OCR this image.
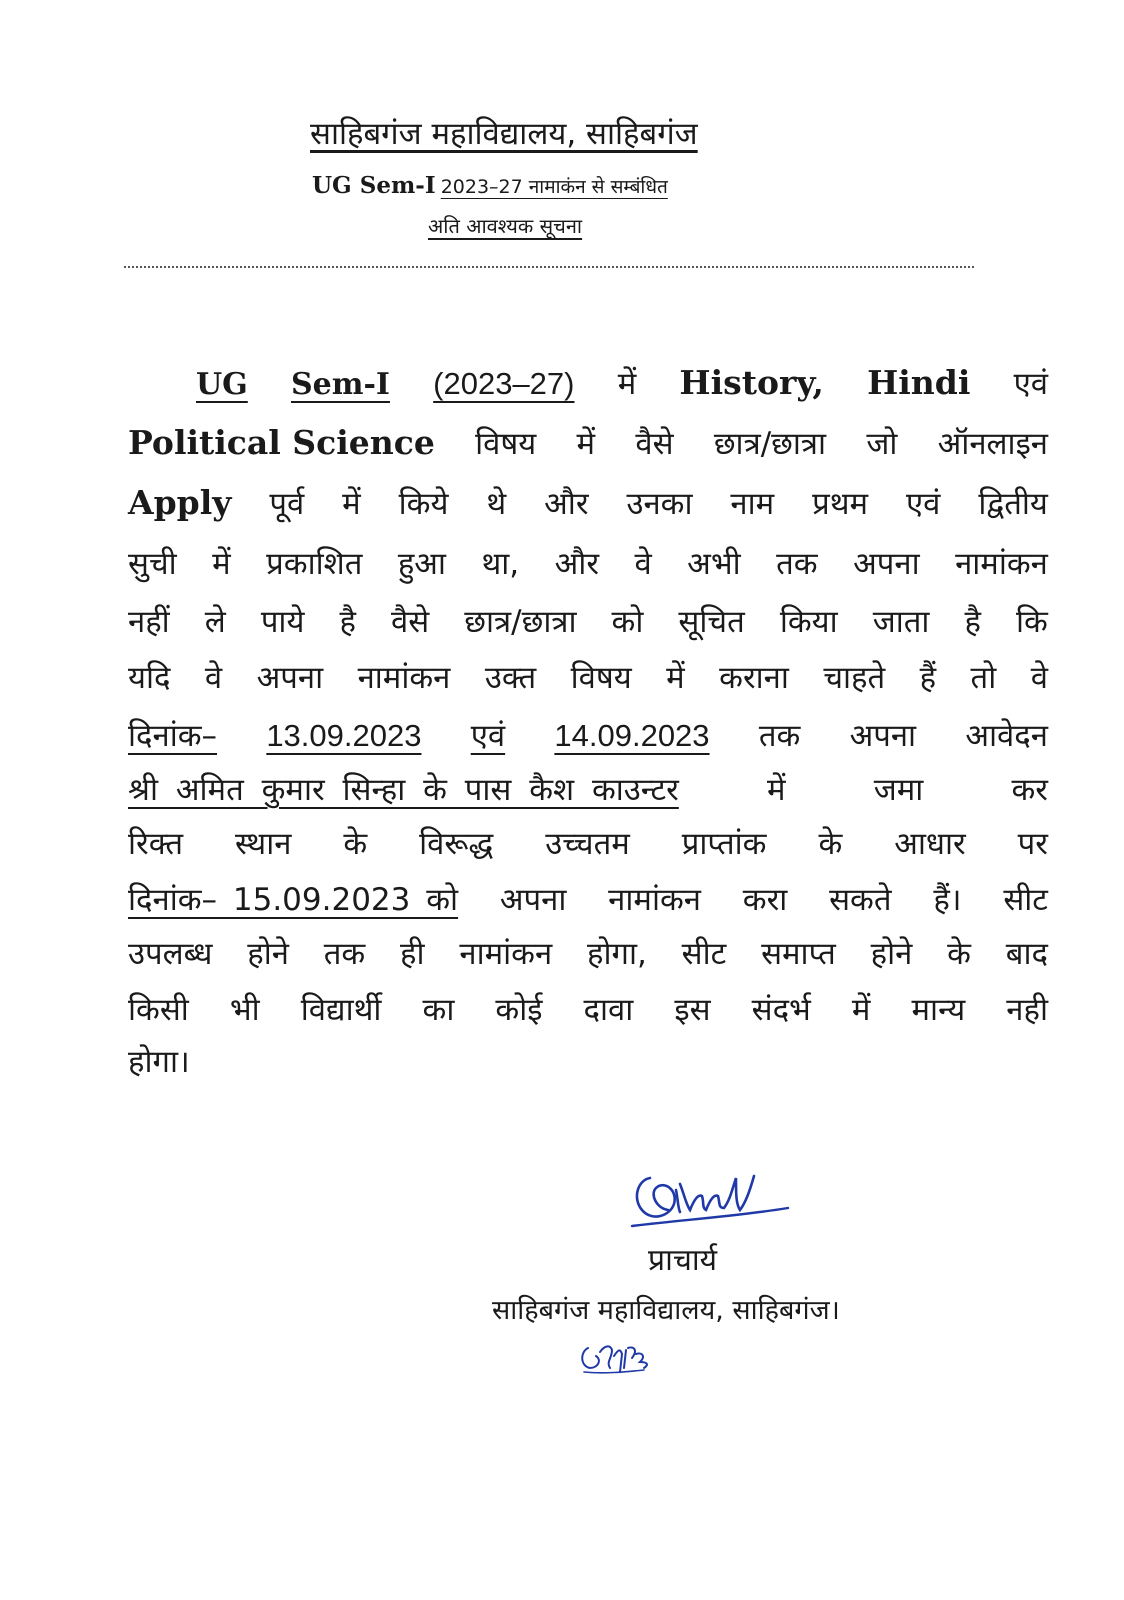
साहिबगंज महाविद्यालय, साहिबगंज
UG Sem-I 2023–27 नामाकंन से सम्बंधित
अति आवश्यक सूचना
UG Sem-I (2023–27) में History, Hindi एवं
Political Science विषय में वैसे छात्र/छात्रा जो ऑनलाइन
Apply पूर्व में किये थे और उनका नाम प्रथम एवं द्वितीय
सुची में प्रकाशित हुआ था, और वे अभी तक अपना नामांकन
नहीं ले पाये है वैसे छात्र/छात्रा को सूचित किया जाता है कि
यदि वे अपना नामांकन उक्त विषय में कराना चाहते हैं तो वे
दिनांक– 13.09.2023 एवं 14.09.2023 तक अपना आवेदन
श्री अमित कुमार सिन्हा के पास कैश काउन्टर	में	जमा	कर
रिक्त स्थान के विरूद्ध उच्चतम प्राप्तांक के आधार पर
दिनांक– 15.09.2023 को अपना नामांकन करा सकते हैं। सीट
उपलब्ध होने तक ही नामांकन होगा, सीट समाप्त होने के बाद
किसी भी विद्यार्थी का कोई दावा इस संदर्भ में मान्य नही
होगा।
प्राचार्य
साहिबगंज महाविद्यालय, साहिबगंज।
